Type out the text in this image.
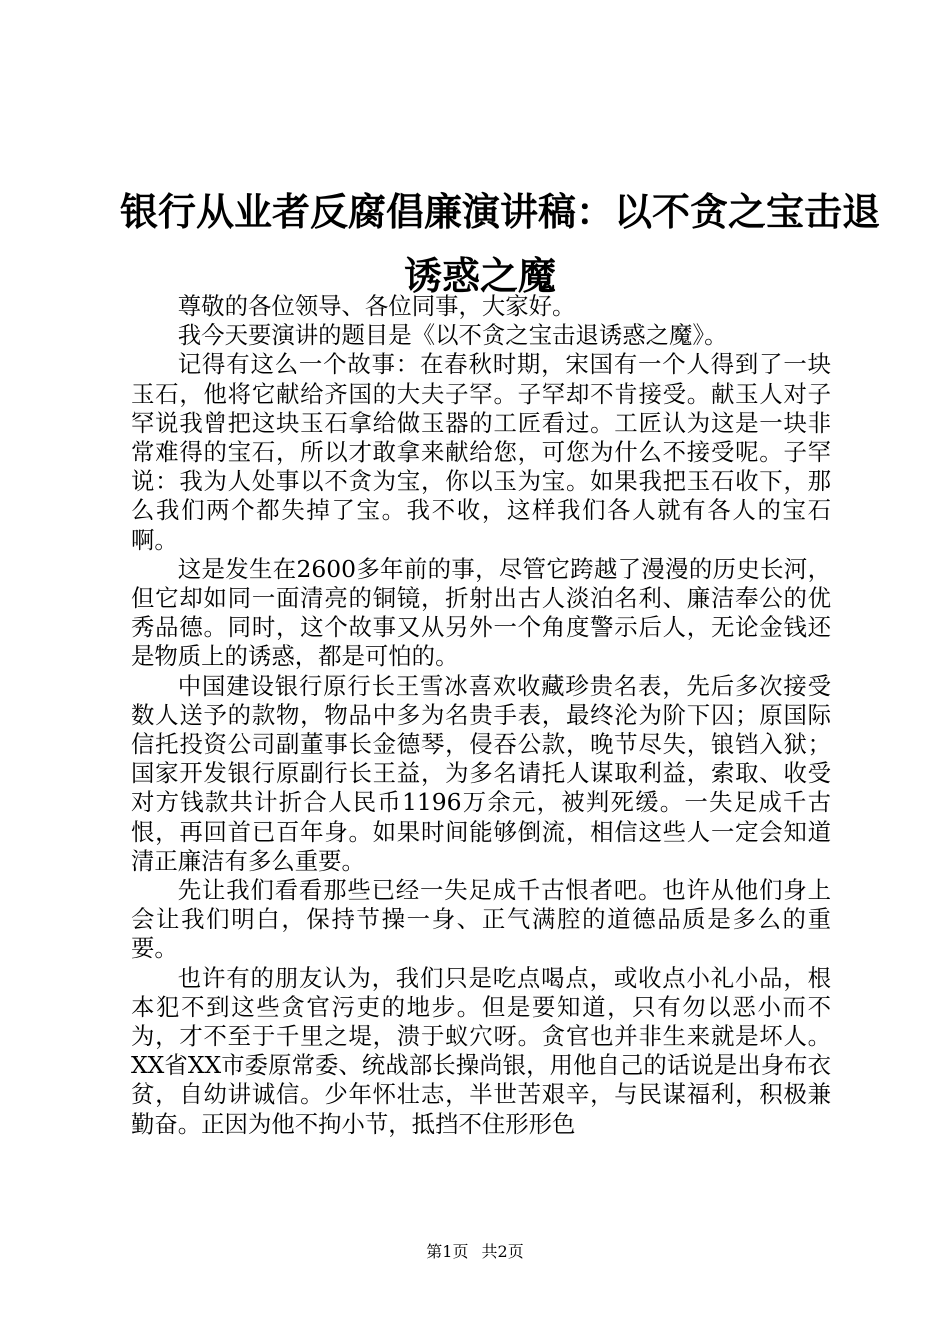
银行从业者反腐倡廉演讲稿：以不贪之宝击退
诱惑之魔

尊敬的各位领导、各位同事，大家好。

我今天要演讲的题目是《以不贪之宝击退诱惑之魔》。

记得有这么一个故事：在春秋时期，宋国有一个人得到了一块玉石，他将它献给齐国的大夫子罕。子罕却不肯接受。献玉人对子罕说我曾把这块玉石拿给做玉器的工匠看过。工匠认为这是一块非常难得的宝石，所以才敢拿来献给您，可您为什么不接受呢。子罕说：我为人处事以不贪为宝，你以玉为宝。如果我把玉石收下，那么我们两个都失掉了宝。我不收，这样我们各人就有各人的宝石啊。

这是发生在2600多年前的事，尽管它跨越了漫漫的历史长河，但它却如同一面清亮的铜镜，折射出古人淡泊名利、廉洁奉公的优秀品德。同时，这个故事又从另外一个角度警示后人，无论金钱还是物质上的诱惑，都是可怕的。

中国建设银行原行长王雪冰喜欢收藏珍贵名表，先后多次接受数人送予的款物，物品中多为名贵手表，最终沦为阶下囚；原国际信托投资公司副董事长金德琴，侵吞公款，晚节尽失，锒铛入狱；国家开发银行原副行长王益，为多名请托人谋取利益，索取、收受对方钱款共计折合人民币1196万余元，被判死缓。一失足成千古恨，再回首已百年身。如果时间能够倒流，相信这些人一定会知道清正廉洁有多么重要。

先让我们看看那些已经一失足成千古恨者吧。也许从他们身上会让我们明白，保持节操一身、正气满腔的道德品质是多么的重要。

也许有的朋友认为，我们只是吃点喝点，或收点小礼小品，根本犯不到这些贪官污吏的地步。但是要知道，只有勿以恶小而不为，才不至于千里之堤，溃于蚁穴呀。贪官也并非生来就是坏人。XX省XX市委原常委、统战部长操尚银，用他自己的话说是出身布衣贫，自幼讲诚信。少年怀壮志，半世苦艰辛，与民谋福利，积极兼勤奋。正因为他不拘小节，抵挡不住形形色

第1页 共2页
